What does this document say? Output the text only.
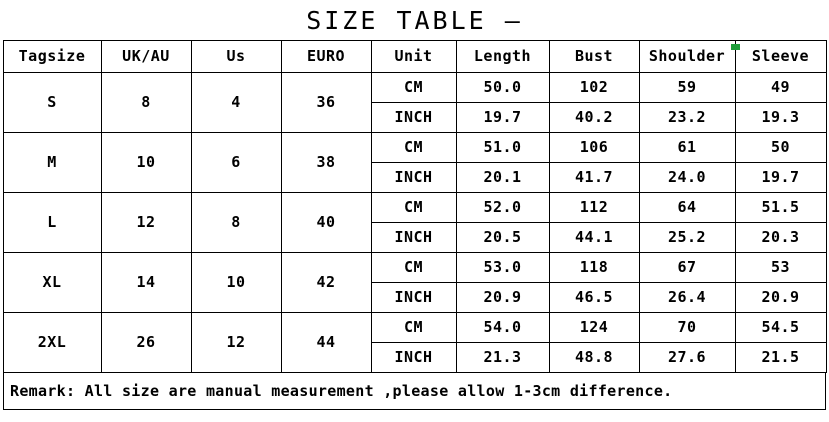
SIZE TABLE –
Tagsize	UK/AU	Us	EURO	Unit	Length	Bust	Shoulder	Sleeve
S	8	4	36	CM	50.0	102	59	49
				INCH	19.7	40.2	23.2	19.3
M	10	6	38	CM	51.0	106	61	50
				INCH	20.1	41.7	24.0	19.7
L	12	8	40	CM	52.0	112	64	51.5
				INCH	20.5	44.1	25.2	20.3
XL	14	10	42	CM	53.0	118	67	53
				INCH	20.9	46.5	26.4	20.9
2XL	26	12	44	CM	54.0	124	70	54.5
				INCH	21.3	48.8	27.6	21.5
Remark: All size are manual measurement ,please allow 1-3cm difference.
